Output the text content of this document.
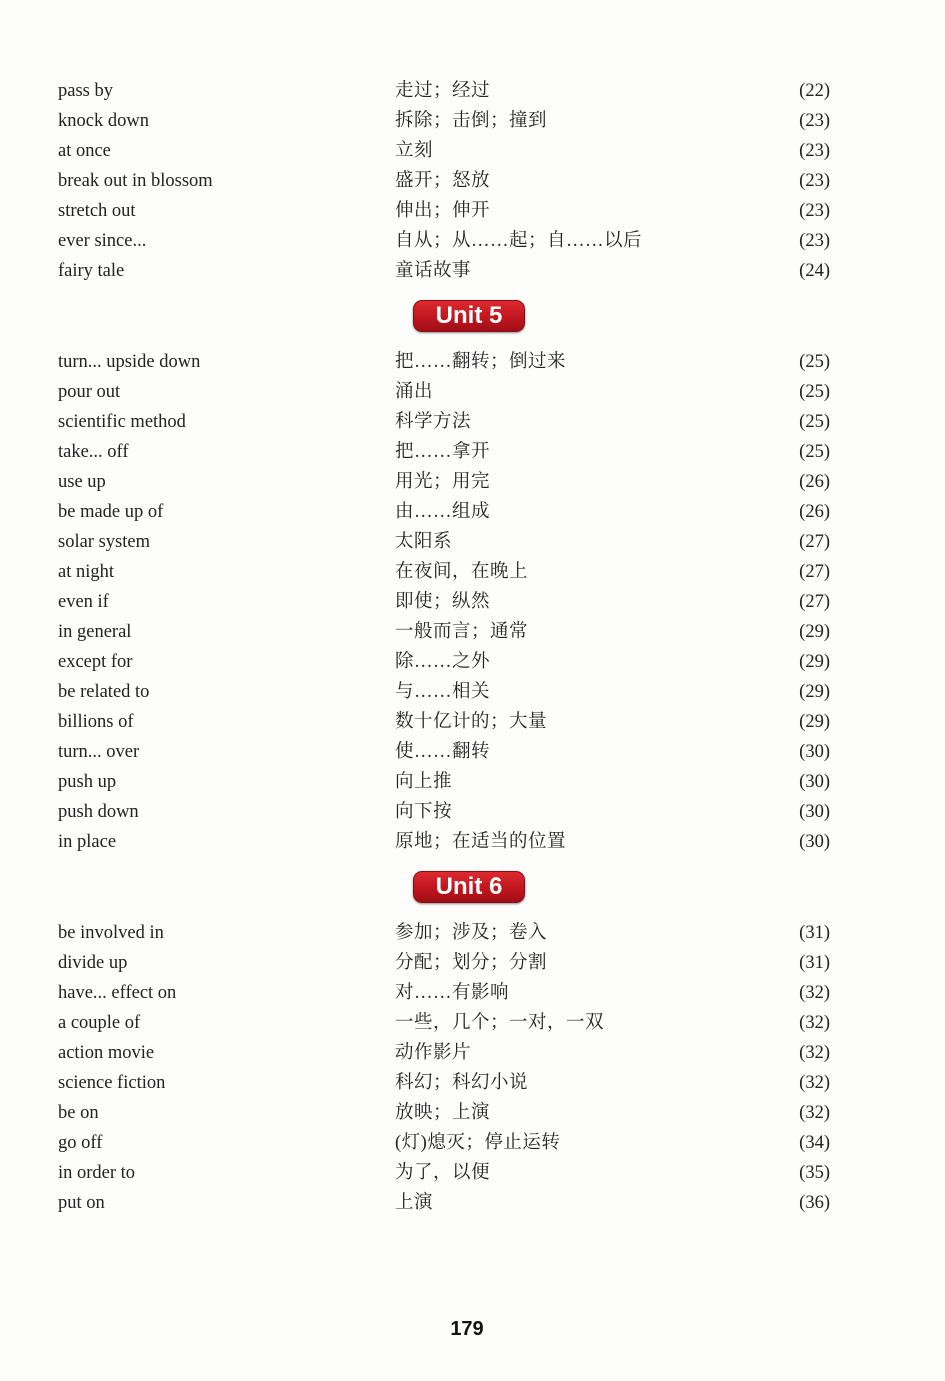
pass by	走过；经过	(22)
knock down	拆除；击倒；撞到	(23)
at once	立刻	(23)
break out in blossom	盛开；怒放	(23)
stretch out	伸出；伸开	(23)
ever since...	自从；从……起；自……以后	(23)
fairy tale	童话故事	(24)
Unit 5
turn... upside down	把……翻转；倒过来	(25)
pour out	涌出	(25)
scientific method	科学方法	(25)
take... off	把……拿开	(25)
use up	用光；用完	(26)
be made up of	由……组成	(26)
solar system	太阳系	(27)
at night	在夜间，在晚上	(27)
even if	即使；纵然	(27)
in general	一般而言；通常	(29)
except for	除……之外	(29)
be related to	与……相关	(29)
billions of	数十亿计的；大量	(29)
turn... over	使……翻转	(30)
push up	向上推	(30)
push down	向下按	(30)
in place	原地；在适当的位置	(30)
Unit 6
be involved in	参加；涉及；卷入	(31)
divide up	分配；划分；分割	(31)
have... effect on	对……有影响	(32)
a couple of	一些，几个；一对，一双	(32)
action movie	动作影片	(32)
science fiction	科幻；科幻小说	(32)
be on	放映；上演	(32)
go off	(灯)熄灭；停止运转	(34)
in order to	为了，以便	(35)
put on	上演	(36)
179
